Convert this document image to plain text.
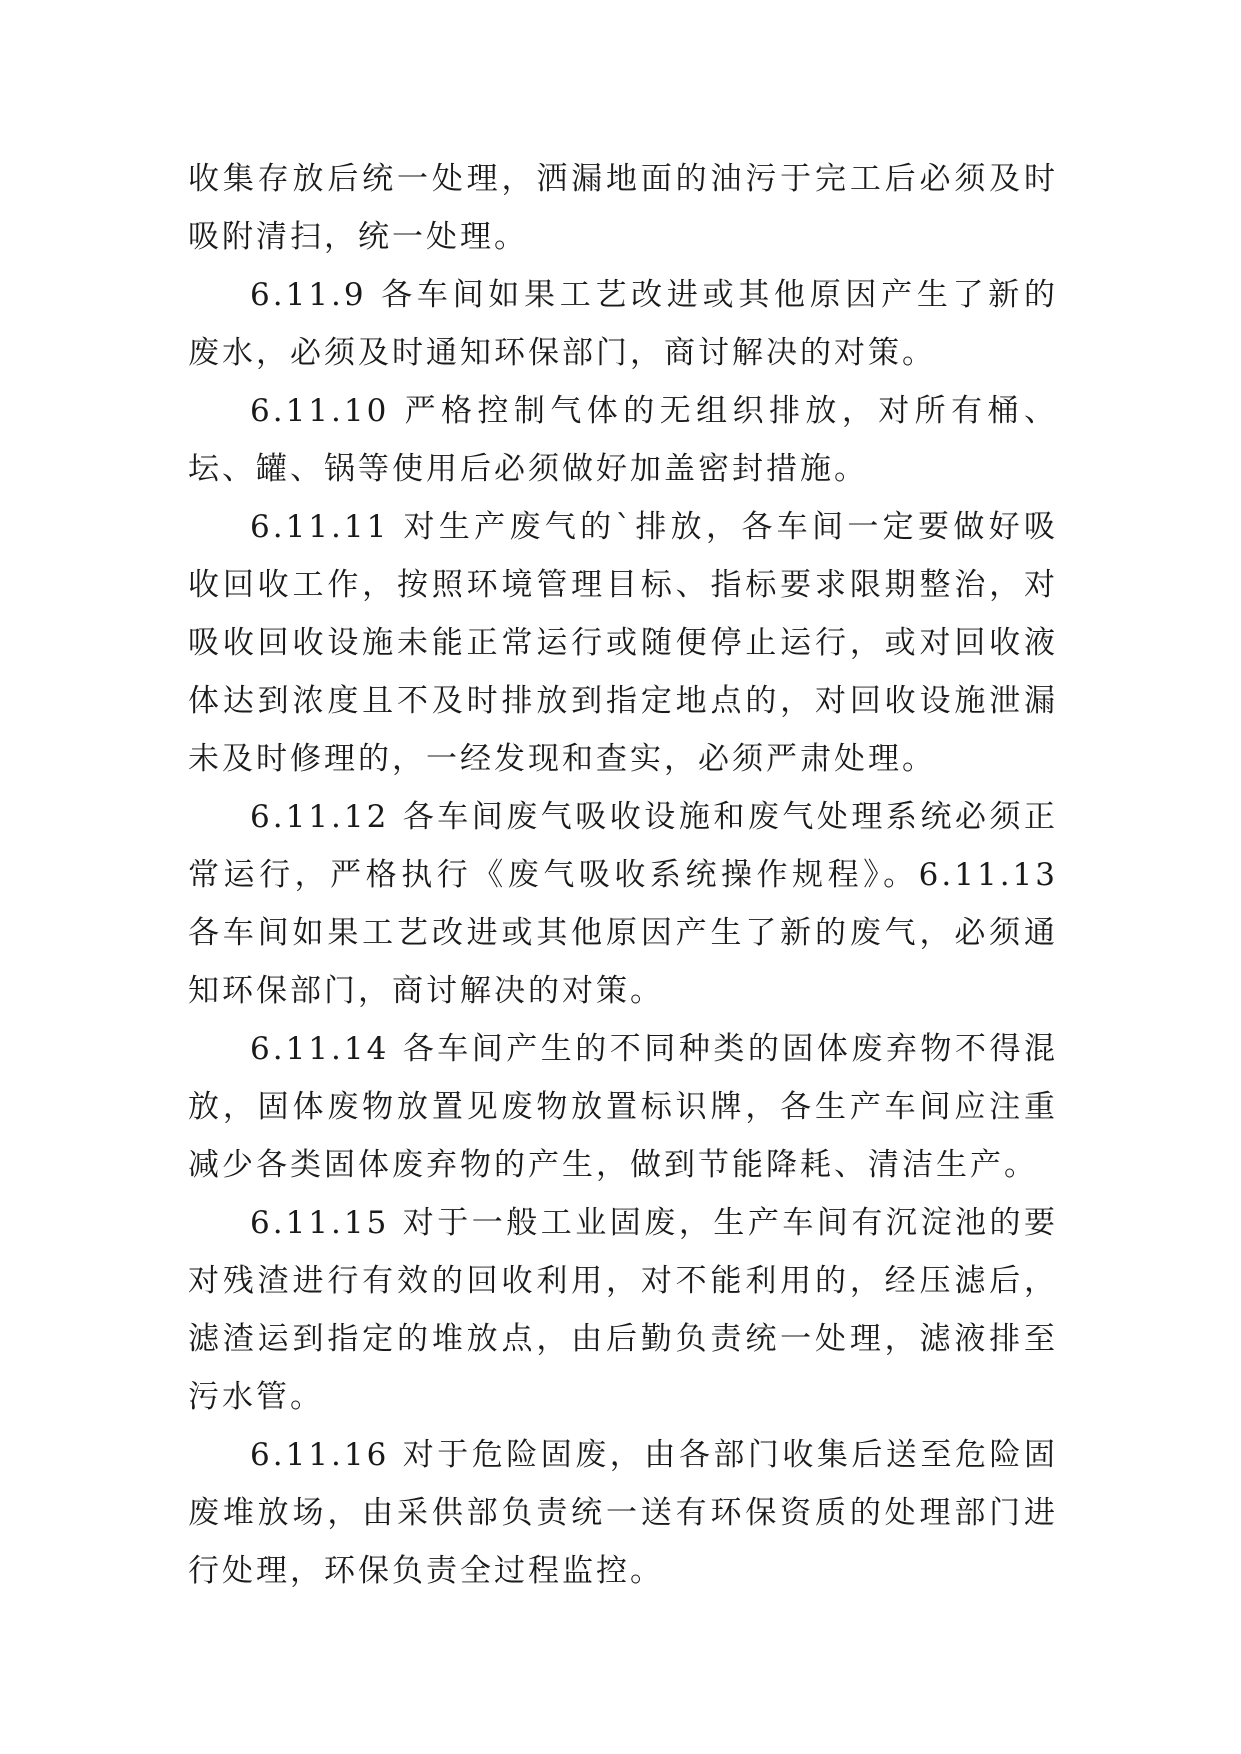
收集存放后统一处理，洒漏地面的油污于完工后必须及时吸附清扫，统一处理。

6.11.9 各车间如果工艺改进或其他原因产生了新的废水，必须及时通知环保部门，商讨解决的对策。

6.11.10 严格控制气体的无组织排放，对所有桶、坛、罐、锅等使用后必须做好加盖密封措施。

6.11.11 对生产废气的`排放，各车间一定要做好吸收回收工作，按照环境管理目标、指标要求限期整治，对吸收回收设施未能正常运行或随便停止运行，或对回收液体达到浓度且不及时排放到指定地点的，对回收设施泄漏未及时修理的，一经发现和查实，必须严肃处理。

6.11.12 各车间废气吸收设施和废气处理系统必须正常运行，严格执行《废气吸收系统操作规程》。6.11.13 各车间如果工艺改进或其他原因产生了新的废气，必须通知环保部门，商讨解决的对策。

6.11.14 各车间产生的不同种类的固体废弃物不得混放，固体废物放置见废物放置标识牌，各生产车间应注重减少各类固体废弃物的产生，做到节能降耗、清洁生产。

6.11.15 对于一般工业固废，生产车间有沉淀池的要对残渣进行有效的回收利用，对不能利用的，经压滤后，滤渣运到指定的堆放点，由后勤负责统一处理，滤液排至污水管。

6.11.16 对于危险固废，由各部门收集后送至危险固废堆放场，由采供部负责统一送有环保资质的处理部门进行处理，环保负责全过程监控。
